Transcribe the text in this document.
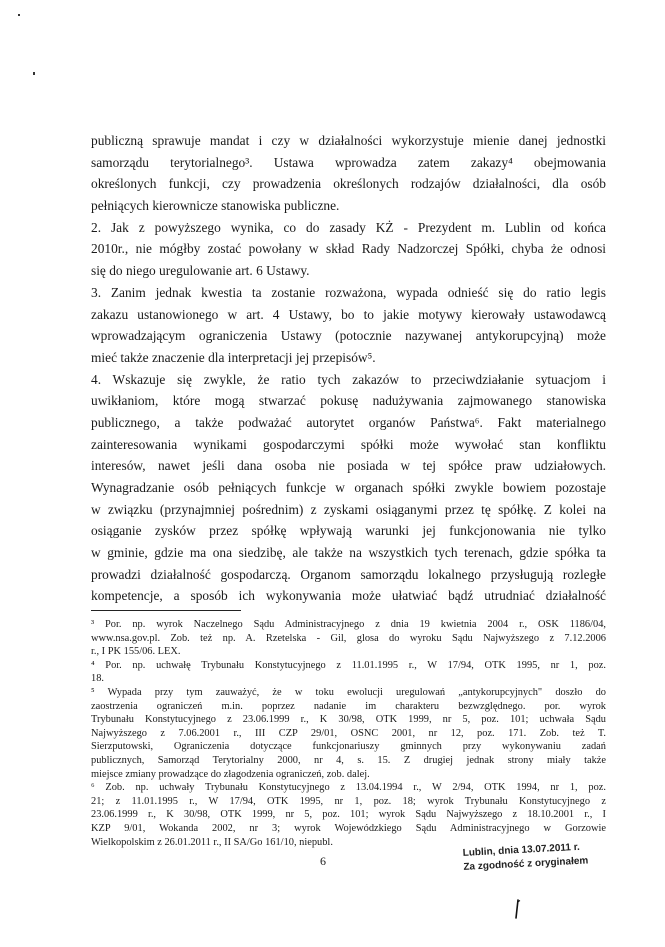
publiczną sprawuje mandat i czy w działalności wykorzystuje mienie danej jednostki
samorządu terytorialnego³. Ustawa wprowadza zatem zakazy⁴ obejmowania
określonych funkcji, czy prowadzenia określonych rodzajów działalności, dla osób
pełniących kierownicze stanowiska publiczne.

2. Jak z powyższego wynika, co do zasady KŻ - Prezydent m. Lublin od końca
2010r., nie mógłby zostać powołany w skład Rady Nadzorczej Spółki, chyba że odnosi
się do niego uregulowanie art. 6 Ustawy.

3. Zanim jednak kwestia ta zostanie rozważona, wypada odnieść się do ratio legis
zakazu ustanowionego w art. 4 Ustawy, bo to jakie motywy kierowały ustawodawcą
wprowadzającym ograniczenia Ustawy (potocznie nazywanej antykorupcyjną) może
mieć także znaczenie dla interpretacji jej przepisów⁵.

4. Wskazuje się zwykle, że ratio tych zakazów to przeciwdziałanie sytuacjom i
uwikłaniom, które mogą stwarzać pokusę nadużywania zajmowanego stanowiska
publicznego, a także podważać autorytet organów Państwa⁶. Fakt materialnego
zainteresowania wynikami gospodarczymi spółki może wywołać stan konfliktu
interesów, nawet jeśli dana osoba nie posiada w tej spółce praw udziałowych.
Wynagradzanie osób pełniących funkcje w organach spółki zwykle bowiem pozostaje
w związku (przynajmniej pośrednim) z zyskami osiąganymi przez tę spółkę. Z kolei na
osiąganie zysków przez spółkę wpływają warunki jej funkcjonowania nie tylko
w gminie, gdzie ma ona siedzibę, ale także na wszystkich tych terenach, gdzie spółka ta
prowadzi działalność gospodarczą. Organom samorządu lokalnego przysługują rozległe
kompetencje, a sposób ich wykonywania może ułatwiać bądź utrudniać działalność

³ Por. np. wyrok Naczelnego Sądu Administracyjnego z dnia 19 kwietnia 2004 r., OSK 1186/04,
www.nsa.gov.pl. Zob. też np. A. Rzetelska - Gil, glosa do wyroku Sądu Najwyższego z 7.12.2006
r., I PK 155/06. LEX.
⁴ Por. np. uchwałę Trybunału Konstytucyjnego z 11.01.1995 r., W 17/94, OTK 1995, nr 1, poz.
18.
⁵ Wypada przy tym zauważyć, że w toku ewolucji uregulowań „antykorupcyjnych" doszło do
zaostrzenia ograniczeń m.in. poprzez nadanie im charakteru bezwzględnego. por. wyrok
Trybunału Konstytucyjnego z 23.06.1999 r., K 30/98, OTK 1999, nr 5, poz. 101; uchwała Sądu
Najwyższego z 7.06.2001 r., III CZP 29/01, OSNC 2001, nr 12, poz. 171. Zob. też T.
Sierzputowski, Ograniczenia dotyczące funkcjonariuszy gminnych przy wykonywaniu zadań
publicznych, Samorząd Terytorialny 2000, nr 4, s. 15. Z drugiej jednak strony miały także
miejsce zmiany prowadzące do złagodzenia ograniczeń, zob. dalej.
⁶ Zob. np. uchwały Trybunału Konstytucyjnego z 13.04.1994 r., W 2/94, OTK 1994, nr 1, poz.
21; z 11.01.1995 r., W 17/94, OTK 1995, nr 1, poz. 18; wyrok Trybunału Konstytucyjnego z
23.06.1999 r., K 30/98, OTK 1999, nr 5, poz. 101; wyrok Sądu Najwyższego z 18.10.2001 r., I
KZP 9/01, Wokanda 2002, nr 3; wyrok Wojewódzkiego Sądu Administracyjnego w Gorzowie
Wielkopolskim z 26.01.2011 r., II SA/Go 161/10, niepubl.
6
Lublin, dnia 13.07.2011 r.
Za zgodność z oryginałem
